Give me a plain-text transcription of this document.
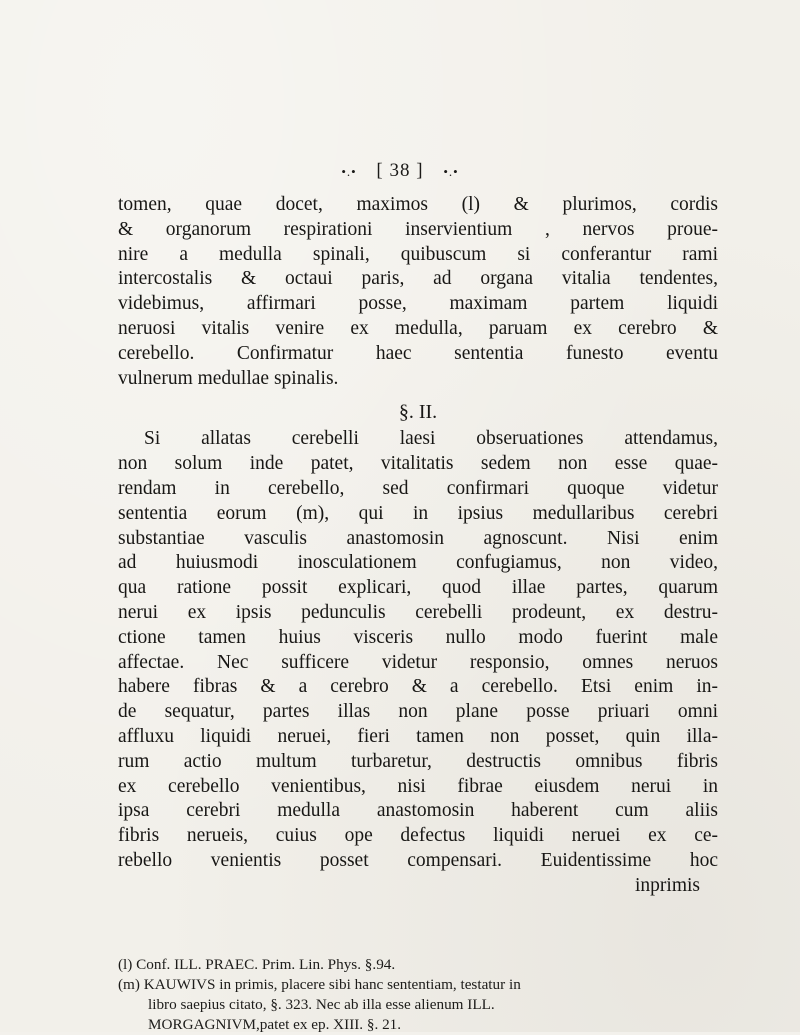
•.• [ 38 ] •.•
tomen, quae docet, maximos (l) & plurimos, cordis
& organorum respirationi inservientium , nervos proue-
nire a medulla spinali, quibuscum si conferantur rami
intercostalis & octaui paris, ad organa vitalia tendentes,
videbimus, affirmari posse, maximam partem liquidi
neruosi vitalis venire ex medulla, paruam ex cerebro &
cerebello. Confirmatur haec sententia funesto eventu
vulnerum medullae spinalis.
§. II.
Si allatas cerebelli laesi obseruationes attendamus,
non solum inde patet, vitalitatis sedem non esse quae-
rendam in cerebello, sed confirmari quoque videtur
sententia eorum (m), qui in ipsius medullaribus cerebri
substantiae vasculis anastomosin agnoscunt. Nisi enim
ad huiusmodi inosculationem confugiamus, non video,
qua ratione possit explicari, quod illae partes, quarum
nerui ex ipsis pedunculis cerebelli prodeunt, ex destru-
ctione tamen huius visceris nullo modo fuerint male
affectae. Nec sufficere videtur responsio, omnes neruos
habere fibras & a cerebro & a cerebello. Etsi enim in-
de sequatur, partes illas non plane posse priuari omni
affluxu liquidi neruei, fieri tamen non posset, quin illa-
rum actio multum turbaretur, destructis omnibus fibris
ex cerebello venientibus, nisi fibrae eiusdem nerui in
ipsa cerebri medulla anastomosin haberent cum aliis
fibris nerueis, cuius ope defectus liquidi neruei ex ce-
rebello venientis posset compensari. Euidentissime hoc
inprimis
(l) Conf. ILL. PRAEC. Prim. Lin. Phys. §.94.
(m) KAUWIVS in primis, placere sibi hanc sententiam, testatur in
libro saepius citato, §. 323. Nec ab illa esse alienum ILL.
MORGAGNIVM,patet ex ep. XIII. §. 21.
